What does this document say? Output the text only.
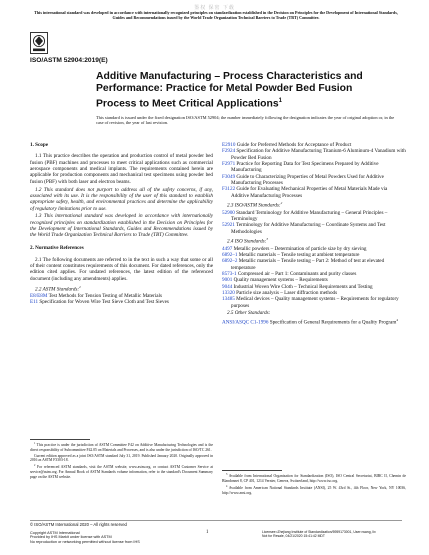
鉴权 保密 下载
This international standard was developed in accordance with internationally recognized principles on standardization established in the Decision on Principles for the Development of International Standards, Guides and Recommendations issued by the World Trade Organization Technical Barriers to Trade (TBT) Committee.
ISO/ASTM 52904:2019(E)
Additive Manufacturing – Process Characteristics and Performance: Practice for Metal Powder Bed Fusion Process to Meet Critical Applications$^1$
This standard is issued under the fixed designation ISO/ASTM 52904; the number immediately following the designation indicates the year of original adoption or, in the case of revision, the year of last revision.
1. Scope
1.1 This practice describes the operation and production control of metal powder bed fusion (PBF) machines and processes to meet critical applications such as commercial aerospace components and medical implants. The requirements contained herein are applicable for production components and mechanical test specimens using powder bed fusion (PBF) with both laser and electron beams.
1.2 This standard does not purport to address all of the safety concerns, if any, associated with its use. It is the responsibility of the user of this standard to establish appropriate safety, health, and environmental practices and determine the applicability of regulatory limitations prior to use.
1.3 This international standard was developed in accordance with internationally recognized principles on standardization established in the Decision on Principles for the Development of International Standards, Guides and Recommendations issued by the World Trade Organization Technical Barriers to Trade (TBT) Committee.
2. Normative References
2.1 The following documents are referred to in the text in such a way that some or all of their content constitutes requirements of this document. For dated references, only the edition cited applies. For undated references, the latest edition of the referenced document (including any amendments) applies.
2.2 ASTM Standards:$^2$
E8/E8M Test Methods for Tension Testing of Metallic Materials
E11 Specification for Woven Wire Test Sieve Cloth and Test Sieves
E2910 Guide for Preferred Methods for Acceptance of Product
F2924 Specification for Additive Manufacturing Titanium-6 Aluminum-4 Vanadium with Powder Bed Fusion
F2971 Practice for Reporting Data for Test Specimens Prepared by Additive Manufacturing
F3049 Guide to Characterizing Properties of Metal Powders Used for Additive Manufacturing Processes
F3122 Guide for Evaluating Mechanical Properties of Metal Materials Made via Additive Manufacturing Processes
2.3 ISO/ASTM Standards:$^2$
52900 Standard Terminology for Additive Manufacturing – General Principles – Terminology
52921 Terminology for Additive Manufacturing – Coordinate Systems and Test Methodologies
2.4 ISO Standards:$^3$
4497 Metallic powders – Determination of particle size by dry sieving
6892–1 Metallic materials – Tensile testing at ambient temperature
6892–2 Metallic materials – Tensile testing – Part 2: Method of test at elevated temperature
8573-1 Compressed air – Part 1: Contaminants and purity classes
9001 Quality management systems – Requirements
9044 Industrial Woven Wire Cloth – Technical Requirements and Testing
13320 Particle size analysis – Laser diffraction methods
13485 Medical devices – Quality management systems – Requirements for regulatory purposes
2.5 Other Standards:
ANSI/ASQC C1-1996 Specification of General Requirements for a Quality Program$^4$

$^1$ This practice is under the jurisdiction of ASTM Committee F42 on Additive Manufacturing Technologies and is the direct responsibility of Subcommittee F42.05 on Materials and Processes, and is also under the jurisdiction of ISO/TC 261.

Current edition approved as a joint ISO/ASTM standard July 31, 2019. Published January 2020. Originally approved in 2016 as ASTM F3303-18.

$^2$ For referenced ASTM standards, visit the ASTM website, www.astm.org, or contact ASTM Customer Service at service@astm.org. For Annual Book of ASTM Standards volume information, refer to the standard's Document Summary page on the ASTM website.

$^3$ Available from International Organization for Standardization (ISO), ISO Central Secretariat, BIBC II, Chemin de Blandonnet 8, CP 401, 1214 Vernier, Geneva, Switzerland, http://www.iso.org.

$^4$ Available from American National Standards Institute (ANSI), 25 W. 43rd St., 4th Floor, New York, NY 10036, http://www.ansi.org.

© ISO/ASTM International 2020 – All rights reserved
Copyright ASTM International
Provided by IHS Markit under license with ASTM
No reproduction or networking permitted without license from IHS
1	Licensee=Zhejiang Institute of Standardization/5959173001, User=wang, lix
Not for Resale, 04/21/2020 15:41:42 MDT
